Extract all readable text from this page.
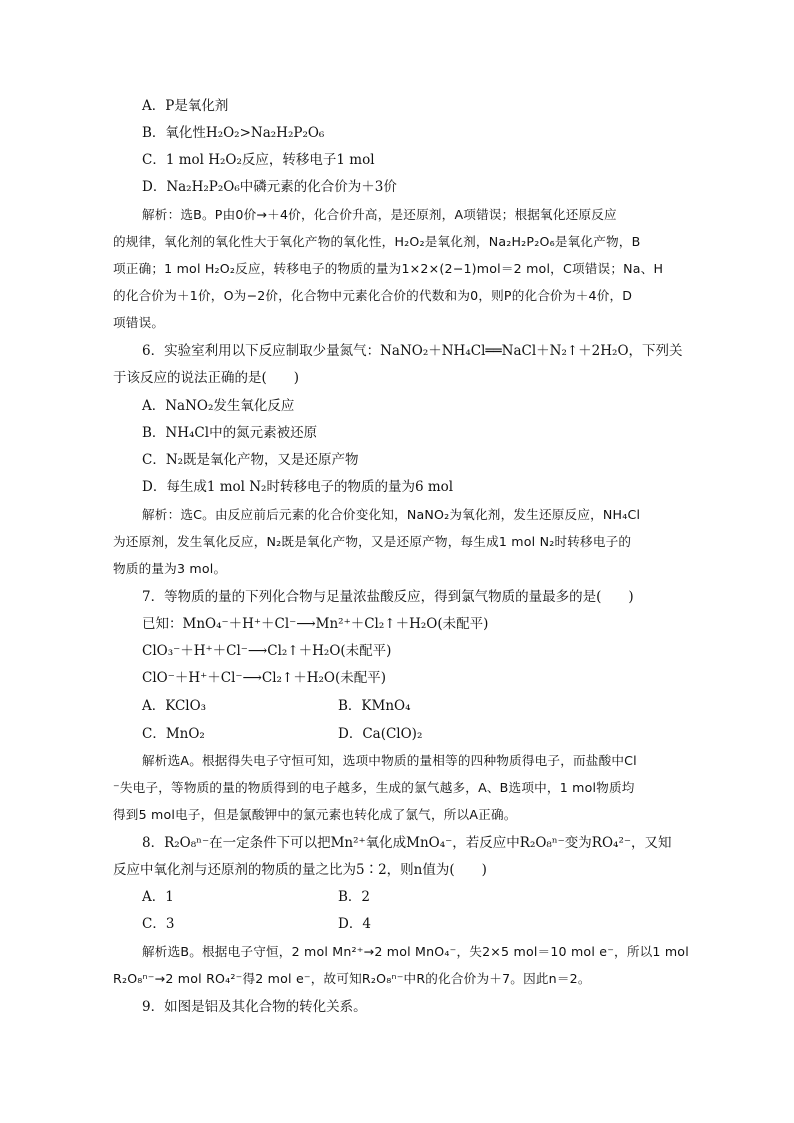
A．P是氧化剂
B．氧化性H₂O₂>Na₂H₂P₂O₆
C．1 mol H₂O₂反应，转移电子1 mol
D．Na₂H₂P₂O₆中磷元素的化合价为＋3价
解析：选B。P由0价→＋4价，化合价升高，是还原剂，A项错误；根据氧化还原反应
的规律，氧化剂的氧化性大于氧化产物的氧化性，H₂O₂是氧化剂，Na₂H₂P₂O₆是氧化产物，B
项正确；1 mol H₂O₂反应，转移电子的物质的量为1×2×(2−1)mol＝2 mol，C项错误；Na、H
的化合价为＋1价，O为−2价，化合物中元素化合价的代数和为0，则P的化合价为＋4价，D
项错误。
6．实验室利用以下反应制取少量氮气：NaNO₂＋NH₄Cl══NaCl＋N₂↑＋2H₂O，下列关
于该反应的说法正确的是(　　)
A．NaNO₂发生氧化反应
B．NH₄Cl中的氮元素被还原
C．N₂既是氧化产物，又是还原产物
D．每生成1 mol N₂时转移电子的物质的量为6 mol
解析：选C。由反应前后元素的化合价变化知，NaNO₂为氧化剂，发生还原反应，NH₄Cl
为还原剂，发生氧化反应，N₂既是氧化产物，又是还原产物，每生成1 mol N₂时转移电子的
物质的量为3 mol。
7．等物质的量的下列化合物与足量浓盐酸反应，得到氯气物质的量最多的是(　　)
已知：MnO₄⁻＋H⁺＋Cl⁻⟶Mn²⁺＋Cl₂↑＋H₂O(未配平)
ClO₃⁻＋H⁺＋Cl⁻⟶Cl₂↑＋H₂O(未配平)
ClO⁻＋H⁺＋Cl⁻⟶Cl₂↑＋H₂O(未配平)
A．KClO₃	B．KMnO₄
C．MnO₂	D．Ca(ClO)₂
解析选A。根据得失电子守恒可知，选项中物质的量相等的四种物质得电子，而盐酸中Cl
⁻失电子，等物质的量的物质得到的电子越多，生成的氯气越多，A、B选项中，1 mol物质均
得到5 mol电子，但是氯酸钾中的氯元素也转化成了氯气，所以A正确。
8．R₂O₈ⁿ⁻在一定条件下可以把Mn²⁺氧化成MnO₄⁻，若反应中R₂O₈ⁿ⁻变为RO₄²⁻，又知
反应中氧化剂与还原剂的物质的量之比为5∶2，则n值为(　　)
A．1	B．2
C．3	D．4
解析选B。根据电子守恒，2 mol Mn²⁺→2 mol MnO₄⁻，失2×5 mol＝10 mol e⁻，所以1 mol
R₂O₈ⁿ⁻→2 mol RO₄²⁻得2 mol e⁻，故可知R₂O₈ⁿ⁻中R的化合价为＋7。因此n＝2。
9．如图是铝及其化合物的转化关系。
